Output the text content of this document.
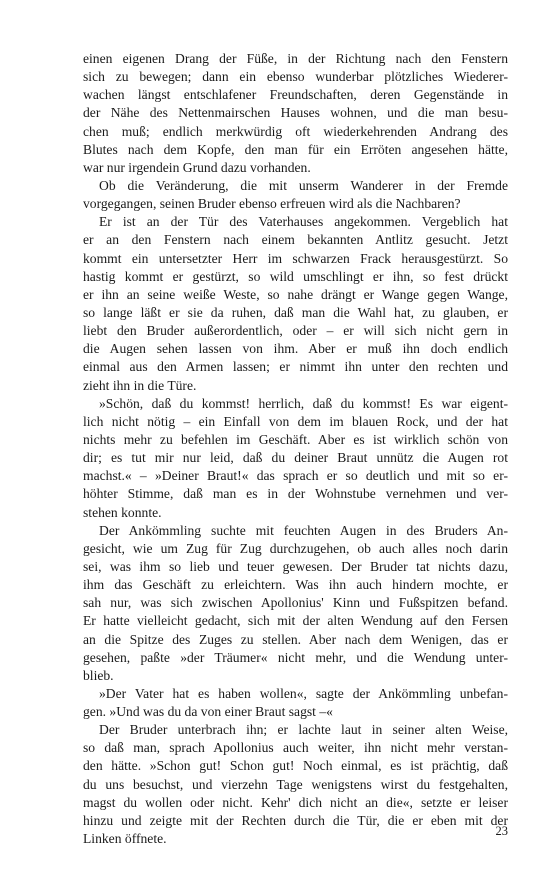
einen eigenen Drang der Füße, in der Richtung nach den Fenstern
sich zu bewegen; dann ein ebenso wunderbar plötzliches Wiederer-
wachen längst entschlafener Freundschaften, deren Gegenstände in
der Nähe des Nettenmairschen Hauses wohnen, und die man besu-
chen muß; endlich merkwürdig oft wiederkehrenden Andrang des
Blutes nach dem Kopfe, den man für ein Erröten angesehen hätte,
war nur irgendein Grund dazu vorhanden.
Ob die Veränderung, die mit unserm Wanderer in der Fremde
vorgegangen, seinen Bruder ebenso erfreuen wird als die Nachbaren?
Er ist an der Tür des Vaterhauses angekommen. Vergeblich hat
er an den Fenstern nach einem bekannten Antlitz gesucht. Jetzt
kommt ein untersetzter Herr im schwarzen Frack herausgestürzt. So
hastig kommt er gestürzt, so wild umschlingt er ihn, so fest drückt
er ihn an seine weiße Weste, so nahe drängt er Wange gegen Wange,
so lange läßt er sie da ruhen, daß man die Wahl hat, zu glauben, er
liebt den Bruder außerordentlich, oder – er will sich nicht gern in
die Augen sehen lassen von ihm. Aber er muß ihn doch endlich
einmal aus den Armen lassen; er nimmt ihn unter den rechten und
zieht ihn in die Türe.
»Schön, daß du kommst! herrlich, daß du kommst! Es war eigent-
lich nicht nötig – ein Einfall von dem im blauen Rock, und der hat
nichts mehr zu befehlen im Geschäft. Aber es ist wirklich schön von
dir; es tut mir nur leid, daß du deiner Braut unnütz die Augen rot
machst.« – »Deiner Braut!« das sprach er so deutlich und mit so er-
höhter Stimme, daß man es in der Wohnstube vernehmen und ver-
stehen konnte.
Der Ankömmling suchte mit feuchten Augen in des Bruders An-
gesicht, wie um Zug für Zug durchzugehen, ob auch alles noch darin
sei, was ihm so lieb und teuer gewesen. Der Bruder tat nichts dazu,
ihm das Geschäft zu erleichtern. Was ihn auch hindern mochte, er
sah nur, was sich zwischen Apollonius' Kinn und Fußspitzen befand.
Er hatte vielleicht gedacht, sich mit der alten Wendung auf den Fersen
an die Spitze des Zuges zu stellen. Aber nach dem Wenigen, das er
gesehen, paßte »der Träumer« nicht mehr, und die Wendung unter-
blieb.
»Der Vater hat es haben wollen«, sagte der Ankömmling unbefan-
gen. »Und was du da von einer Braut sagst –«
Der Bruder unterbrach ihn; er lachte laut in seiner alten Weise,
so daß man, sprach Apollonius auch weiter, ihn nicht mehr verstan-
den hätte. »Schon gut! Schon gut! Noch einmal, es ist prächtig, daß
du uns besuchst, und vierzehn Tage wenigstens wirst du festgehalten,
magst du wollen oder nicht. Kehr' dich nicht an die«, setzte er leiser
hinzu und zeigte mit der Rechten durch die Tür, die er eben mit der
Linken öffnete.
23
